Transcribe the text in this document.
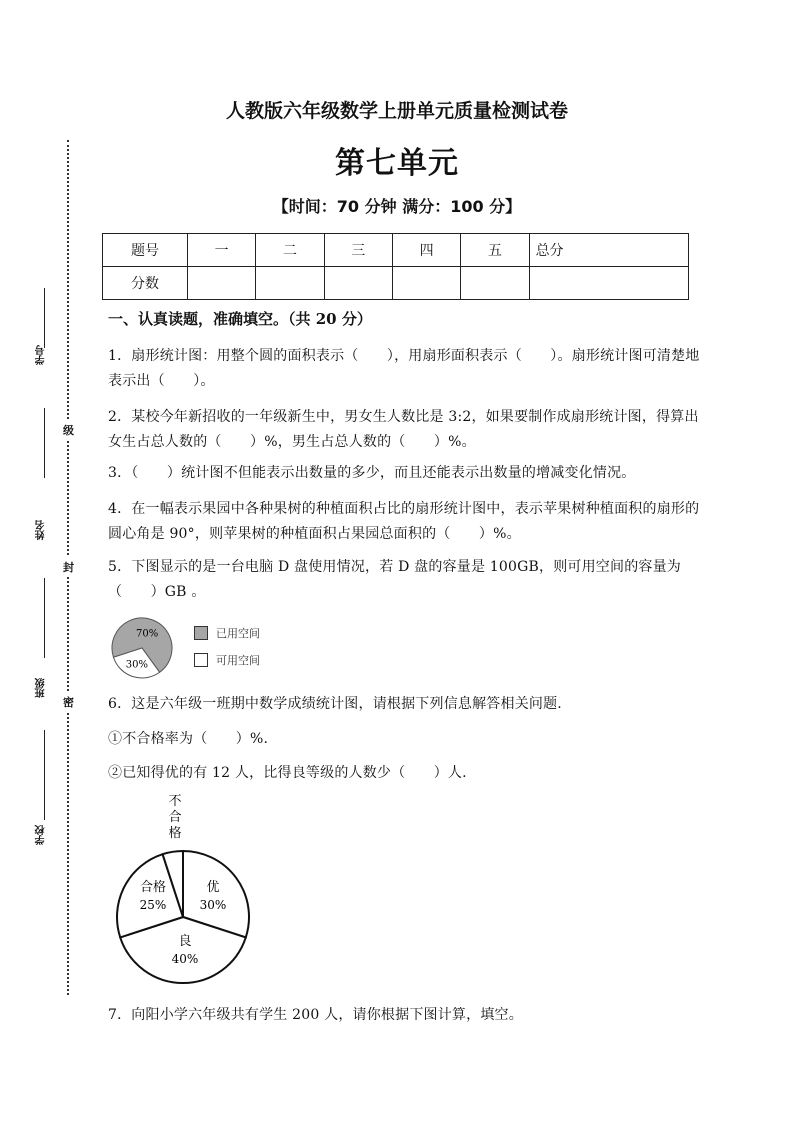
学号
姓名
班级
学校
级
封
密
人教版六年级数学上册单元质量检测试卷
第七单元
【时间：70 分钟 满分：100 分】
题号	一	二	三	四	五	总分
分数						
一、认真读题，准确填空。（共 20 分）
1．扇形统计图：用整个圆的面积表示（　　），用扇形面积表示（　　）。扇形统计图可清楚地表示出（　　）。
2．某校今年新招收的一年级新生中，男女生人数比是 3:2，如果要制作成扇形统计图，得算出女生占总人数的（　　）%，男生占总人数的（　　）%。
3．（　　）统计图不但能表示出数量的多少，而且还能表示出数量的增减变化情况。
4．在一幅表示果园中各种果树的种植面积占比的扇形统计图中，表示苹果树种植面积的扇形的圆心角是 90°，则苹果树的种植面积占果园总面积的（　　）%。
5．下图显示的是一台电脑 D 盘使用情况，若 D 盘的容量是 100GB，则可用空间的容量为（　　）GB 。
70%
30%
已用空间
可用空间
6．这是六年级一班期中数学成绩统计图，请根据下列信息解答相关问题.
①不合格率为（　　）%.
②已知得优的有 12 人，比得良等级的人数少（　　）人.
不
合
格
优
30%
良
40%
合格
25%
7．向阳小学六年级共有学生 200 人，请你根据下图计算，填空。
